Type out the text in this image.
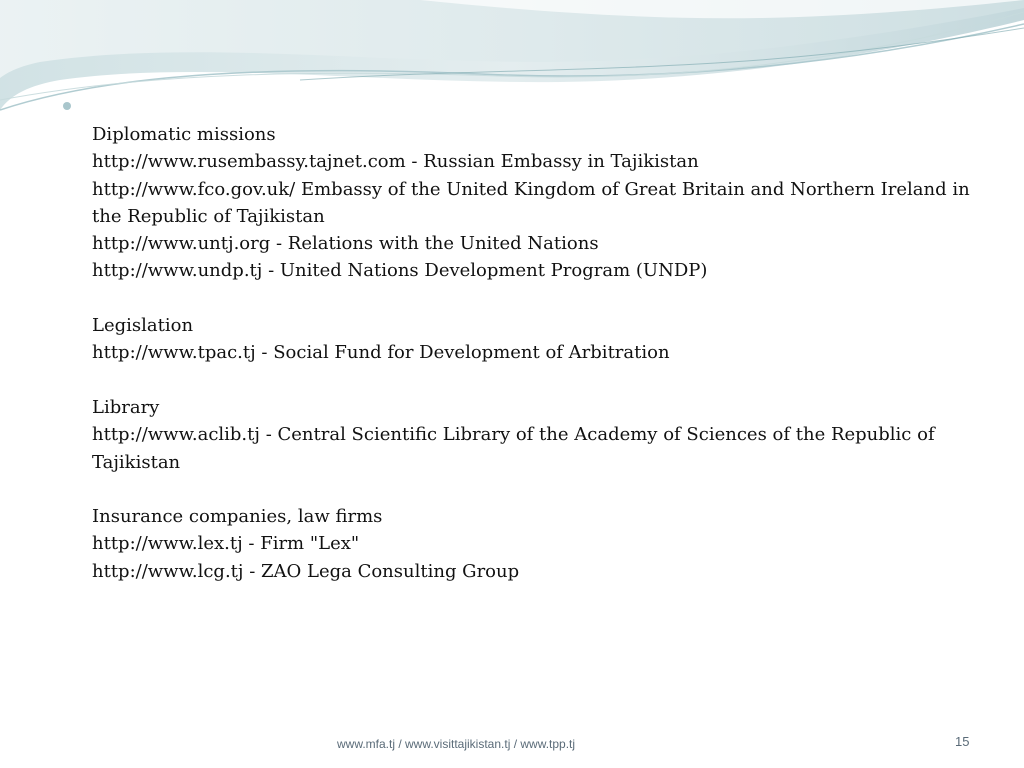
Diplomatic missions
http://www.rusembassy.tajnet.com - Russian Embassy in Tajikistan
http://www.fco.gov.uk/ Embassy of the United Kingdom of Great Britain and Northern Ireland in the Republic of Tajikistan
http://www.untj.org - Relations with the United Nations
http://www.undp.tj - United Nations Development Program (UNDP)
Legislation
http://www.tpac.tj - Social Fund for Development of Arbitration
Library
http://www.aclib.tj - Central Scientific Library of the Academy of Sciences of the Republic of Tajikistan
Insurance companies, law firms
http://www.lex.tj - Firm "Lex"
http://www.lcg.tj - ZAO Lega Consulting Group
www.mfa.tj / www.visittajikistan.tj / www.tpp.tj	15
